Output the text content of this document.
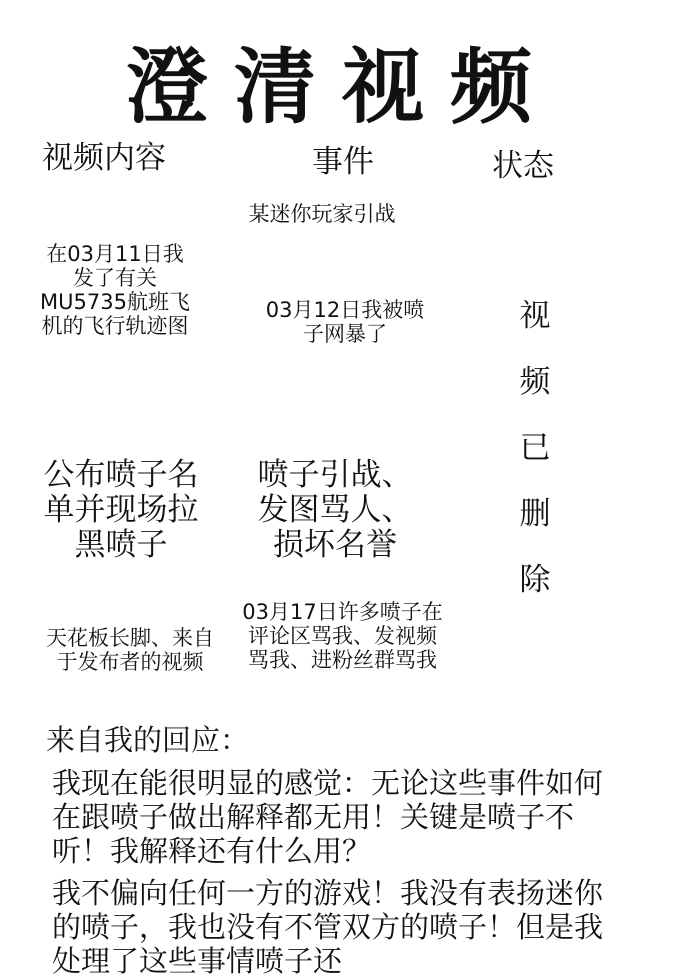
澄清视频
视频内容	事件	状态
某迷你玩家引战
在03月11日我发了有关MU5735航班飞机的飞行轨迹图
03月12日我被喷子网暴了
公布喷子名单并现场拉黑喷子
喷子引战、发图骂人、损坏名誉
天花板长脚、来自于发布者的视频
03月17日许多喷子在评论区骂我、发视频骂我、进粉丝群骂我
视
频
已
删
除
来自我的回应：
我现在能很明显的感觉：无论这些事件如何在跟喷子做出解释都无用！关键是喷子不听！我解释还有什么用？
我不偏向任何一方的游戏！我没有表扬迷你的喷子，我也没有不管双方的喷子！但是我处理了这些事情喷子还
